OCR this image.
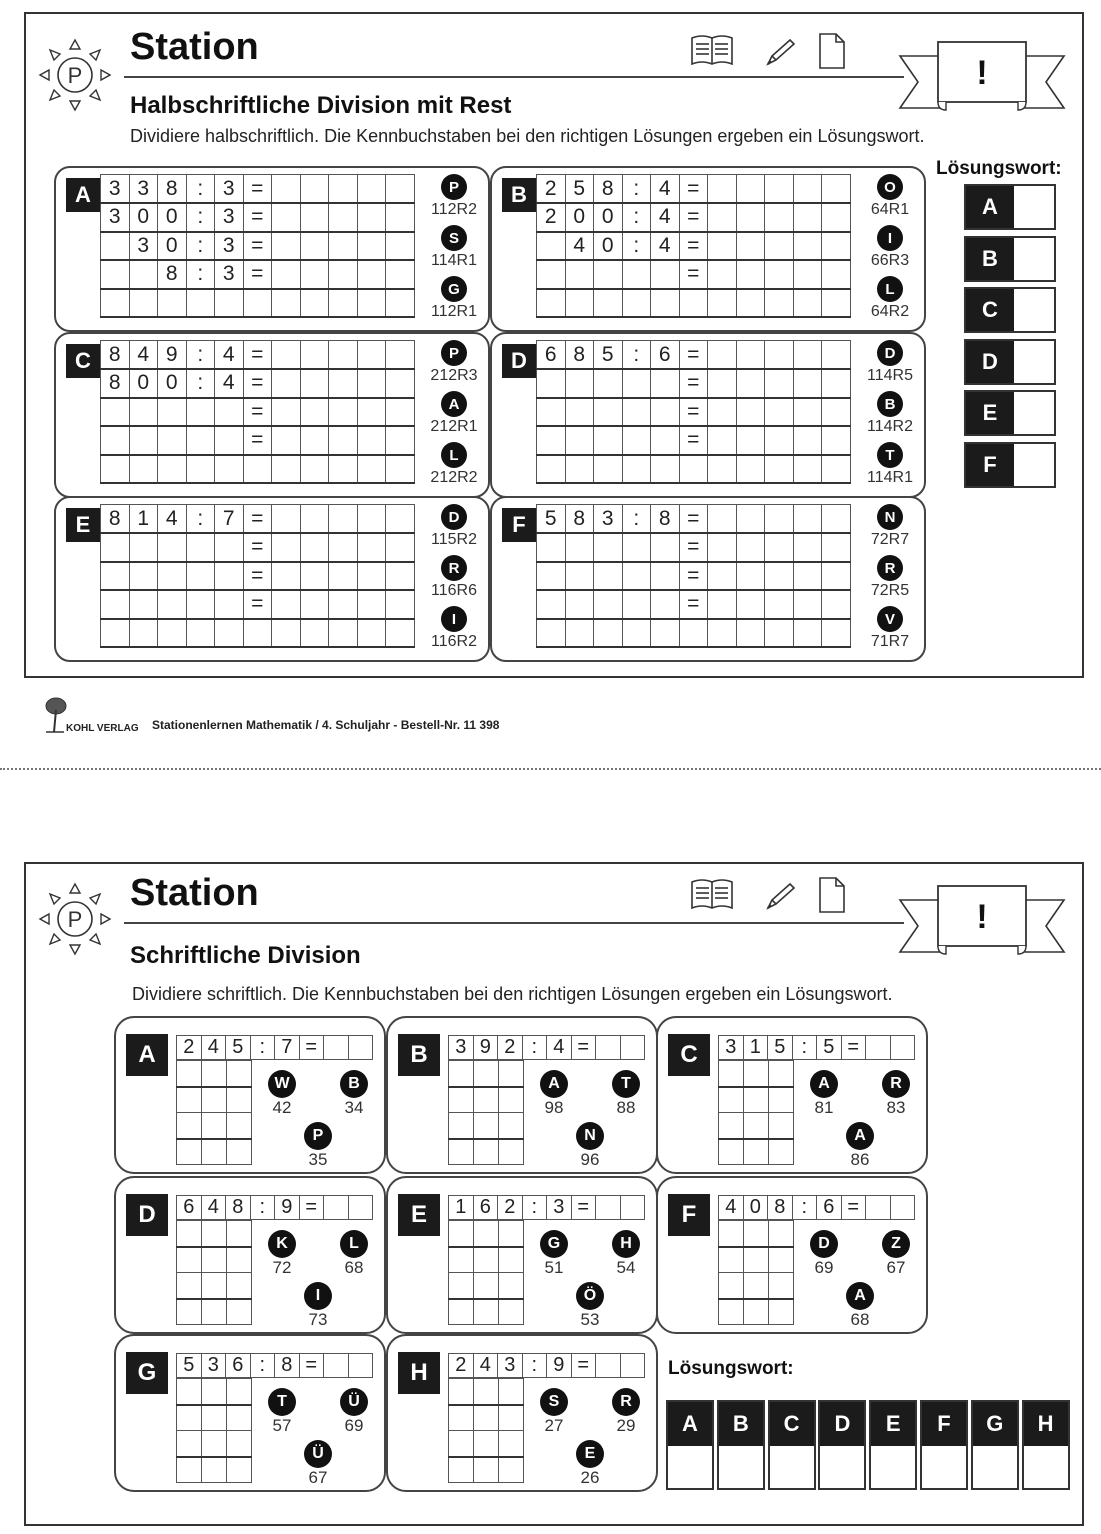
P
Station
!
Halbschriftliche Division mit Rest
Dividiere halbschriftlich. Die Kennbuchstaben bei den richtigen Lösungen ergeben ein Lösungswort.
Lösungswort:
A
B
C
D
E
F
A 3	3	8	:	3	=					
3	0	0	:	3	=					
	3	0	:	3	=					
		8	:	3	=					

P
112R2
S
114R1
G
112R1
B 2	5	8	:	4	=					
2	0	0	:	4	=					
	4	0	:	4	=					
					=					

O
64R1
I
66R3
L
64R2
C 8	4	9	:	4	=					
8	0	0	:	4	=					
					=					
					=					

P
212R3
A
212R1
L
212R2
D 6	8	5	:	6	=					
					=					
					=					
					=					

D
114R5
B
114R2
T
114R1
E 8	1	4	:	7	=					
					=					
					=					
					=					

D
115R2
R
116R6
I
116R2
F 5	8	3	:	8	=					
					=					
					=					
					=					

N
72R7
R
72R5
V
71R7
KOHL VERLAG Stationenlernen Mathematik / 4. Schuljahr - Bestell-Nr. 11 398
P
Station
!
Schriftliche Division
Dividiere schriftlich. Die Kennbuchstaben bei den richtigen Lösungen ergeben ein Lösungswort.
A	2	4	5	:	7	=		

W
42
B
34
P
35
B	3	9	2	:	4	=		

A
98
T
88
N
96
C	3	1	5	:	5	=		

A
81
R
83
A
86
D	6	4	8	:	9	=		

K
72
L
68
I
73
E	1	6	2	:	3	=		

G
51
H
54
Ö
53
F	4	0	8	:	6	=		

D
69
Z
67
A
68
G	5	3	6	:	8	=		

T
57
Ü
69
Ü
67
H	2	4	3	:	9	=		

S
27
R
29
E
26
Lösungswort:
A	B	C	D	E	F	G	H
